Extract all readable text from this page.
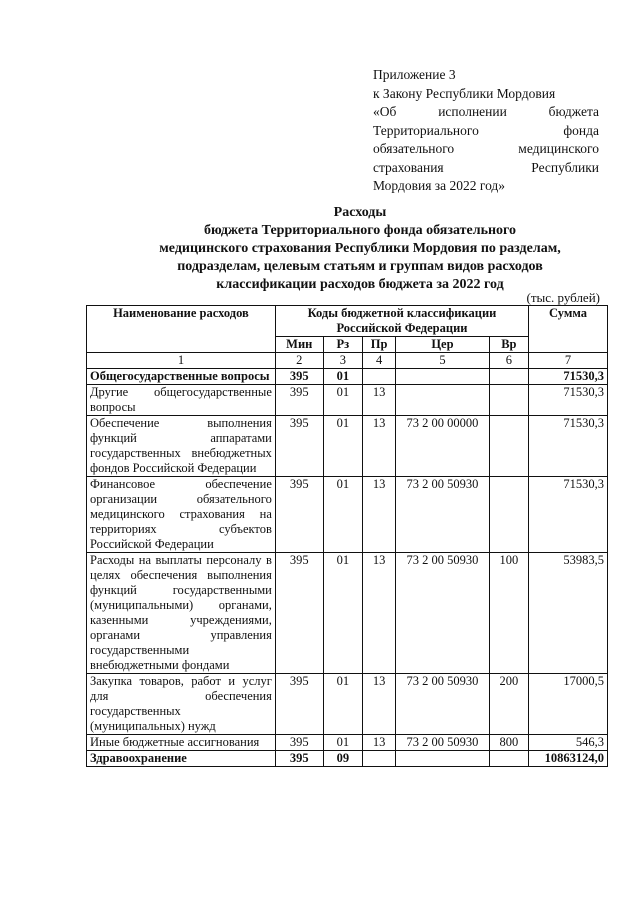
Приложение 3
к Закону Республики Мордовия
«Об исполнении бюджета
Территориального фонда
обязательного медицинского
страхования Республики
Мордовия за 2022 год»
Расходы
бюджета Территориального фонда обязательного
медицинского страхования Республики Мордовия по разделам,
подразделам, целевым статьям и группам видов расходов
классификации расходов бюджета за 2022 год
(тыс. рублей)
Наименование расходов	Коды бюджетной классификации Российской Федерации					Сумма
	Мин	Рз	Пр	Цер	Вр	
1	2	3	4	5	6	7
Общегосударственные вопросы	395	01				71530,3
Другие общегосударственные вопросы	395	01	13			71530,3
Обеспечение выполнения функций аппаратами государственных внебюджетных фондов Российской Федерации	395	01	13	73 2 00 00000		71530,3
Финансовое обеспечение организации обязательного медицинского страхования на территориях субъектов Российской Федерации	395	01	13	73 2 00 50930		71530,3
Расходы на выплаты персоналу в целях обеспечения выполнения функций государственными (муниципальными) органами, казенными учреждениями, органами управления государственными внебюджетными фондами	395	01	13	73 2 00 50930	100	53983,5
Закупка товаров, работ и услуг для обеспечения государственных (муниципальных) нужд	395	01	13	73 2 00 50930	200	17000,5
Иные бюджетные ассигнования	395	01	13	73 2 00 50930	800	546,3
Здравоохранение	395	09				10863124,0
